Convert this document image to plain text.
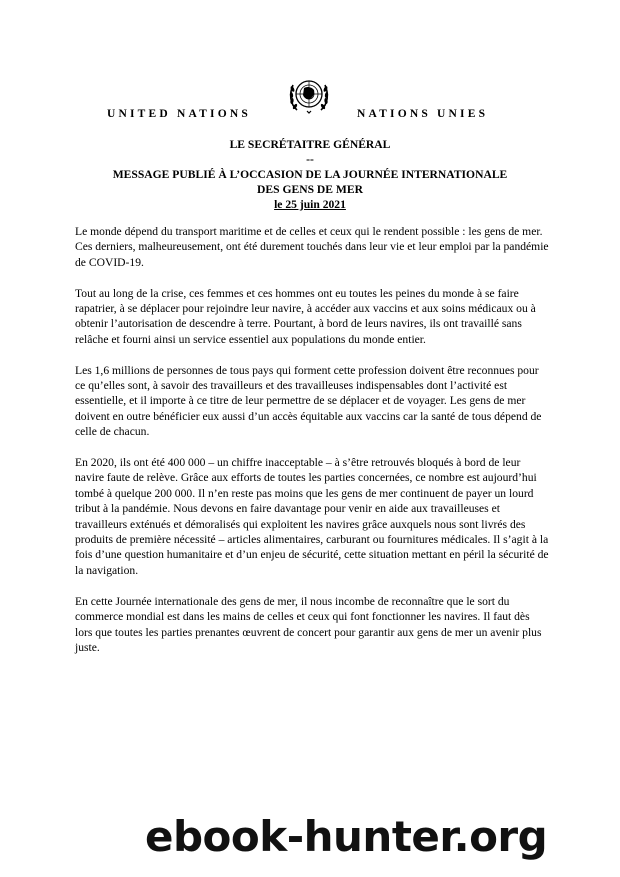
UNITED NATIONS	NATIONS UNIES
LE SECRÉTAITRE GÉNÉRAL
--
MESSAGE PUBLIÉ À L’OCCASION DE LA JOURNÉE INTERNATIONALE
DES GENS DE MER
le 25 juin 2021

Le monde dépend du transport maritime et de celles et ceux qui le rendent possible : les gens de mer. Ces derniers, malheureusement, ont été durement touchés dans leur vie et leur emploi par la pandémie de COVID-19.

Tout au long de la crise, ces femmes et ces hommes ont eu toutes les peines du monde à se faire rapatrier, à se déplacer pour rejoindre leur navire, à accéder aux vaccins et aux soins médicaux ou à obtenir l’autorisation de descendre à terre. Pourtant, à bord de leurs navires, ils ont travaillé sans relâche et fourni ainsi un service essentiel aux populations du monde entier.

Les 1,6 millions de personnes de tous pays qui forment cette profession doivent être reconnues pour ce qu’elles sont, à savoir des travailleurs et des travailleuses indispensables dont l’activité est essentielle, et il importe à ce titre de leur permettre de se déplacer et de voyager. Les gens de mer doivent en outre bénéficier eux aussi d’un accès équitable aux vaccins car la santé de tous dépend de celle de chacun.

En 2020, ils ont été 400 000 – un chiffre inacceptable – à s’être retrouvés bloqués à bord de leur navire faute de relève. Grâce aux efforts de toutes les parties concernées, ce nombre est aujourd’hui tombé à quelque 200 000. Il n’en reste pas moins que les gens de mer continuent de payer un lourd tribut à la pandémie. Nous devons en faire davantage pour venir en aide aux travailleuses et travailleurs exténués et démoralisés qui exploitent les navires grâce auxquels nous sont livrés des produits de première nécessité – articles alimentaires, carburant ou fournitures médicales. Il s’agit à la fois d’une question humanitaire et d’un enjeu de sécurité, cette situation mettant en péril la sécurité de la navigation.

En cette Journée internationale des gens de mer, il nous incombe de reconnaître que le sort du commerce mondial est dans les mains de celles et ceux qui font fonctionner les navires. Il faut dès lors que toutes les parties prenantes œuvrent de concert pour garantir aux gens de mer un avenir plus juste.

ebook-hunter.org
